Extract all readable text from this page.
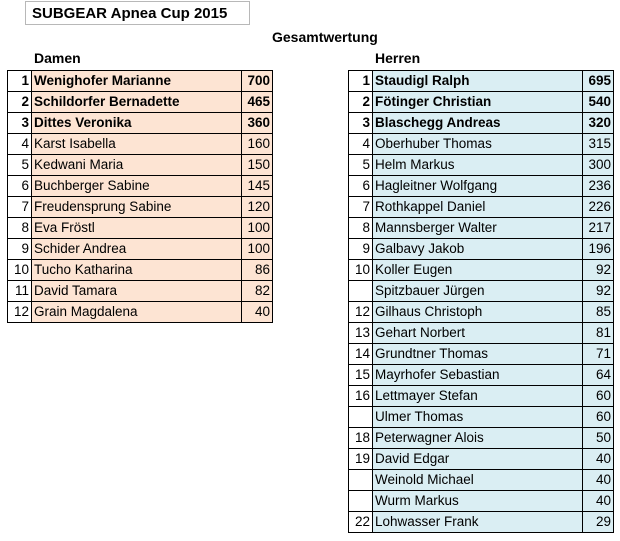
SUBGEAR Apnea Cup 2015
Gesamtwertung
Damen	Herren
1	Wenighofer Marianne	700
2	Schildorfer Bernadette	465
3	Dittes Veronika	360
4	Karst Isabella	160
5	Kedwani Maria	150
6	Buchberger Sabine	145
7	Freudensprung Sabine	120
8	Eva Fröstl	100
9	Schider Andrea	100
10	Tucho Katharina	86
11	David Tamara	82
12	Grain Magdalena	40
1	Staudigl Ralph	695
2	Fötinger Christian	540
3	Blaschegg Andreas	320
4	Oberhuber Thomas	315
5	Helm Markus	300
6	Hagleitner Wolfgang	236
7	Rothkappel Daniel	226
8	Mannsberger Walter	217
9	Galbavy Jakob	196
10	Koller Eugen	92
	Spitzbauer Jürgen	92
12	Gilhaus Christoph	85
13	Gehart Norbert	81
14	Grundtner Thomas	71
15	Mayrhofer Sebastian	64
16	Lettmayer Stefan	60
	Ulmer Thomas	60
18	Peterwagner Alois	50
19	David Edgar	40
	Weinold Michael	40
	Wurm Markus	40
22	Lohwasser Frank	29
